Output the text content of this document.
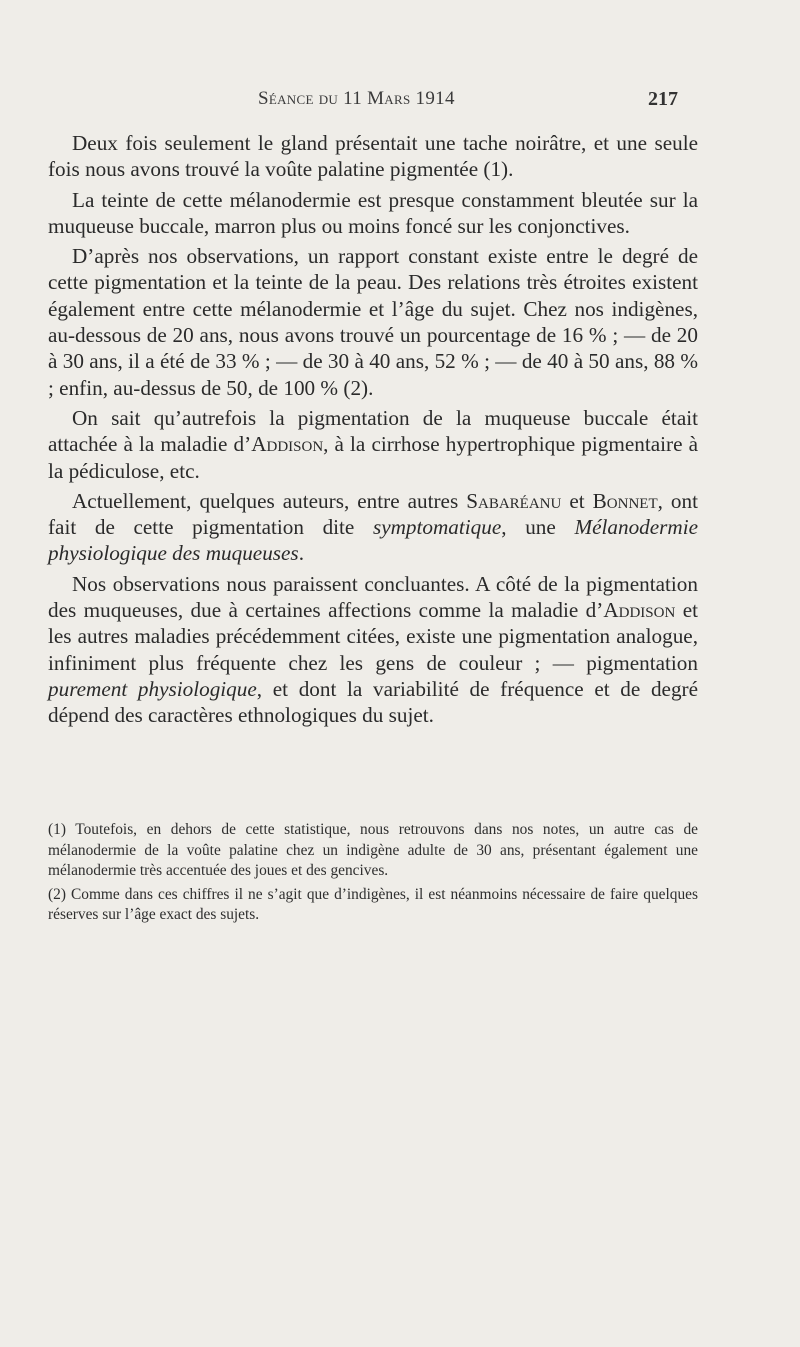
Séance du 11 Mars 1914	217

Deux fois seulement le gland présentait une tache noirâtre, et une seule fois nous avons trouvé la voûte palatine pigmentée (1).

La teinte de cette mélanodermie est presque constamment bleutée sur la muqueuse buccale, marron plus ou moins foncé sur les conjonctives.

D’après nos observations, un rapport constant existe entre le degré de cette pigmentation et la teinte de la peau. Des relations très étroites existent également entre cette mélanodermie et l’âge du sujet. Chez nos indigènes, au-dessous de 20 ans, nous avons trouvé un pourcentage de 16 % ; — de 20 à 30 ans, il a été de 33 % ; — de 30 à 40 ans, 52 % ; — de 40 à 50 ans, 88 % ; enfin, au-dessus de 50, de 100 % (2).

On sait qu’autrefois la pigmentation de la muqueuse buccale était attachée à la maladie d’Addison, à la cirrhose hypertrophique pigmentaire à la pédiculose, etc.

Actuellement, quelques auteurs, entre autres Sabaréanu et Bonnet, ont fait de cette pigmentation dite symptomatique, une Mélanodermie physiologique des muqueuses.

Nos observations nous paraissent concluantes. A côté de la pigmentation des muqueuses, due à certaines affections comme la maladie d’Addison et les autres maladies précédemment citées, existe une pigmentation analogue, infiniment plus fréquente chez les gens de couleur ; — pigmentation purement physiologique, et dont la variabilité de fréquence et de degré dépend des caractères ethnologiques du sujet.

(1) Toutefois, en dehors de cette statistique, nous retrouvons dans nos notes, un autre cas de mélanodermie de la voûte palatine chez un indigène adulte de 30 ans, présentant également une mélanodermie très accentuée des joues et des gencives.

(2) Comme dans ces chiffres il ne s’agit que d’indigènes, il est néanmoins nécessaire de faire quelques réserves sur l’âge exact des sujets.
